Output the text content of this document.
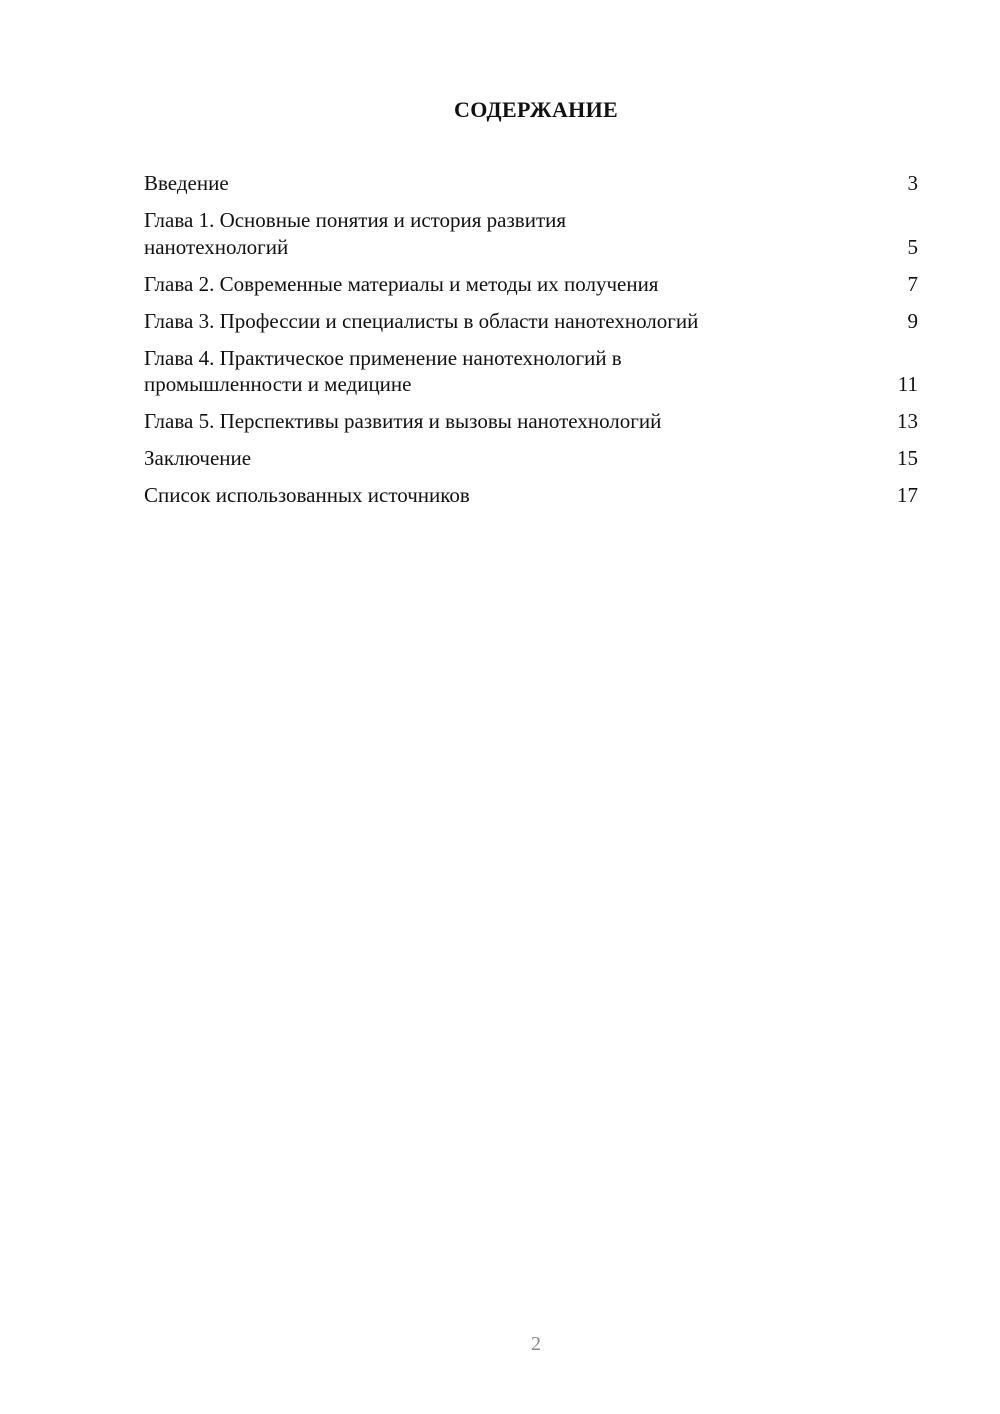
СОДЕРЖАНИЕ
Введение	3
Глава 1. Основные понятия и история развития нанотехнологий	5
Глава 2. Современные материалы и методы их получения	7
Глава 3. Профессии и специалисты в области нанотехнологий	9
Глава 4. Практическое применение нанотехнологий в промышленности и медицине	11
Глава 5. Перспективы развития и вызовы нанотехнологий	13
Заключение	15
Список использованных источников	17
2
